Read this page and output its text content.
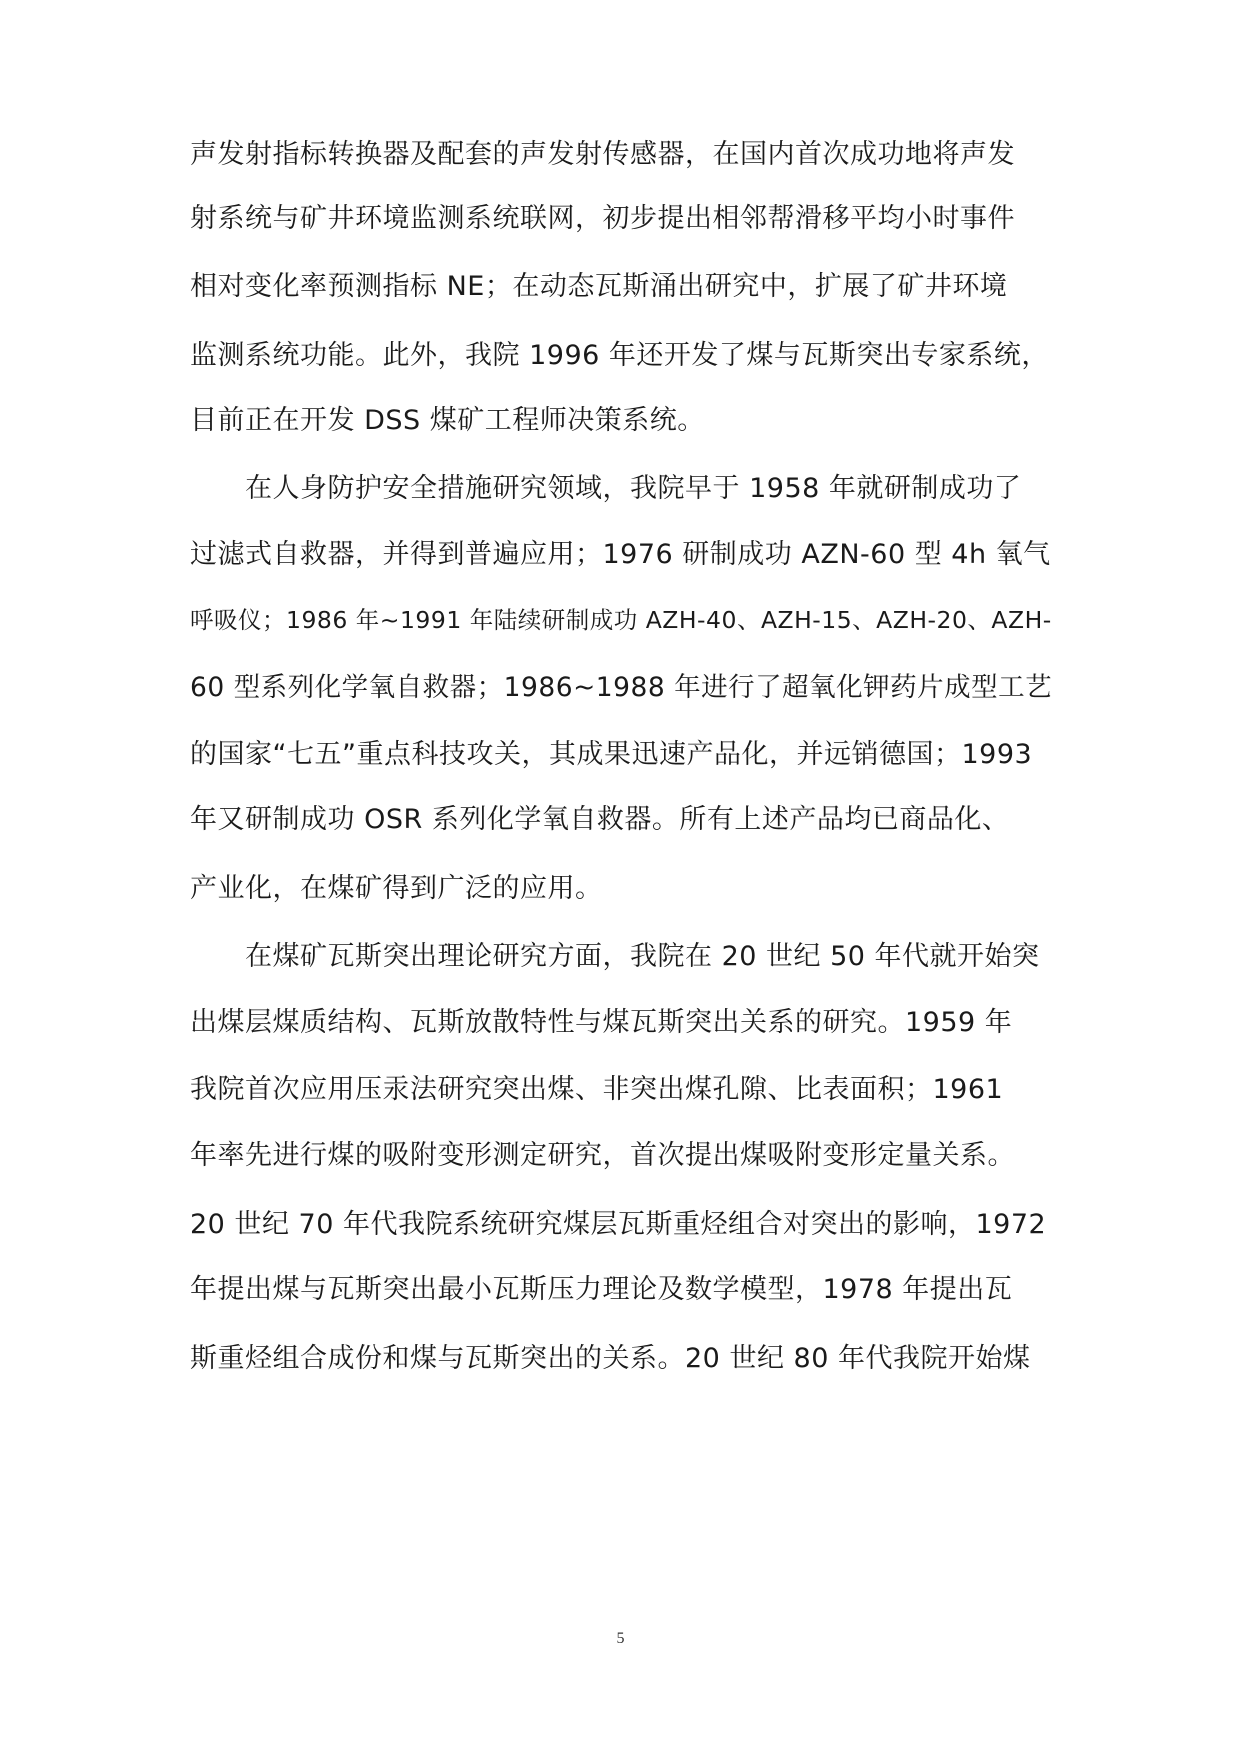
声发射指标转换器及配套的声发射传感器，在国内首次成功地将声发
射系统与矿井环境监测系统联网，初步提出相邻帮滑移平均小时事件
相对变化率预测指标 NE；在动态瓦斯涌出研究中，扩展了矿井环境
监测系统功能。此外，我院 1996 年还开发了煤与瓦斯突出专家系统，
目前正在开发 DSS 煤矿工程师决策系统。
　　在人身防护安全措施研究领域，我院早于 1958 年就研制成功了
过滤式自救器，并得到普遍应用；1976 研制成功 AZN-60 型 4h 氧气
呼吸仪；1986 年~1991 年陆续研制成功 AZH-40、AZH-15、AZH-20、AZH-
60 型系列化学氧自救器；1986~1988 年进行了超氧化钾药片成型工艺
的国家“七五”重点科技攻关，其成果迅速产品化，并远销德国；1993
年又研制成功 OSR 系列化学氧自救器。所有上述产品均已商品化、
产业化，在煤矿得到广泛的应用。
　　在煤矿瓦斯突出理论研究方面，我院在 20 世纪 50 年代就开始突
出煤层煤质结构、瓦斯放散特性与煤瓦斯突出关系的研究。1959 年
我院首次应用压汞法研究突出煤、非突出煤孔隙、比表面积；1961
年率先进行煤的吸附变形测定研究，首次提出煤吸附变形定量关系。
20 世纪 70 年代我院系统研究煤层瓦斯重烃组合对突出的影响，1972
年提出煤与瓦斯突出最小瓦斯压力理论及数学模型，1978 年提出瓦
斯重烃组合成份和煤与瓦斯突出的关系。20 世纪 80 年代我院开始煤
5
